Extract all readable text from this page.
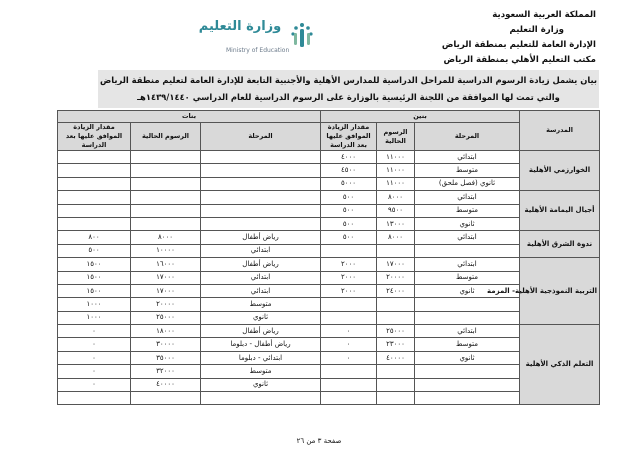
المملكة العربية السعودية
وزارة التعليم
الإدارة العامة للتعليم بمنطقة الرياض
مكتب التعليم الأهلي بمنطقة الرياض
وزارة التعليم
Ministry of Education
بيان يشمل زيادة الرسوم الدراسية للمراحل الدراسية للمدارس الأهلية والأجنبية التابعة للإدارة العامة لتعليم منطقة الرياض
والتي تمت لها الموافقة من اللجنة الرئيسية بالوزارة على الرسوم الدراسية للعام الدراسي ١٤٣٩/١٤٤٠هـ
المدرسة	بنين			بنات		
	المرحلة	الرسوم الحالية	مقدار الزيادة الموافق عليها بعد الدراسة	المرحلة	الرسوم الحالية	مقدار الزيادة الموافق عليها بعد الدراسة
الخوارزمي الأهلية	ابتدائي	١١٠٠٠	٤٠٠٠			
	متوسط	١١٠٠٠	٤٥٠٠			
	ثانوي (فصل ملحق)	١١٠٠٠	٥٠٠٠			
أجيال اليمامة الأهلية	ابتدائي	٨٠٠٠	٥٠٠			
	متوسط	٩٥٠٠	٥٠٠			
	ثانوي	١٣٠٠٠	٥٠٠			
ندوة الشرق الأهلية	ابتدائي	٨٠٠٠	٥٠٠	رياض أطفال	٨٠٠٠	٨٠٠
				ابتدائي	١٠٠٠٠	٥٠٠
التربية النموذجية الأهلية- المزمة	ابتدائي	١٧٠٠٠	٢٠٠٠	رياض أطفال	١٦٠٠٠	١٥٠٠
	متوسط	٢٠٠٠٠	٢٠٠٠	ابتدائي	١٧٠٠٠	١٥٠٠
	ثانوي	٢٤٠٠٠	٢٠٠٠	ابتدائي	١٧٠٠٠	١٥٠٠
				متوسط	٢٠٠٠٠	١٠٠٠
				ثانوي	٢٥٠٠٠	١٠٠٠
التعلم الذكي الأهلية	ابتدائي	٢٥٠٠٠	٠	رياض أطفال	١٨٠٠٠	٠
	متوسط	٢٣٠٠٠	٠	رياض أطفال - دبلوما	٣٠٠٠٠	٠
	ثانوي	٤٠٠٠٠	٠	ابتدائي - دبلوما	٣٥٠٠٠	٠
				متوسط	٣٢٠٠٠	٠
				ثانوي	٤٠٠٠٠	٠

صفحة ٣ من ٢٦
